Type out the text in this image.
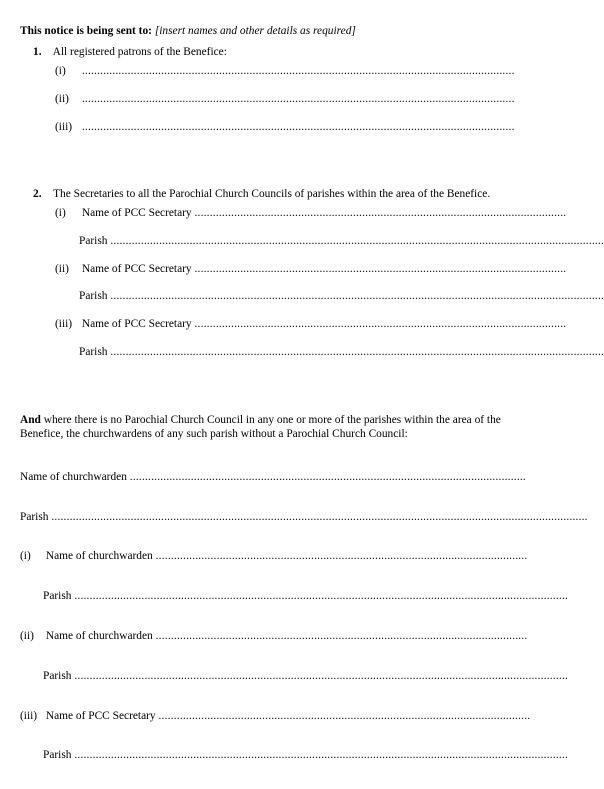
This notice is being sent to: [insert names and other details as required]
1. All registered patrons of the Benefice:
(i) ..............................................................................................................................................
(ii) ..............................................................................................................................................
(iii) ..............................................................................................................................................
2. The Secretaries to all the Parochial Church Councils of parishes within the area of the Benefice.
(i) Name of PCC Secretary ..........................................................................................................................
Parish ..................................................................................................................................................................
(ii) Name of PCC Secretary ..........................................................................................................................
Parish ..................................................................................................................................................................
(iii) Name of PCC Secretary ..........................................................................................................................
Parish ..................................................................................................................................................................
And where there is no Parochial Church Council in any one or more of the parishes within the area of the
Benefice, the churchwardens of any such parish without a Parochial Church Council:
Name of churchwarden ..................................................................................................................................
Parish ................................................................................................................................................................................
(i) Name of churchwarden ..........................................................................................................................
Parish ..................................................................................................................................................................
(ii) Name of churchwarden ..........................................................................................................................
Parish ..................................................................................................................................................................
(iii) Name of PCC Secretary ..........................................................................................................................
Parish ..................................................................................................................................................................
